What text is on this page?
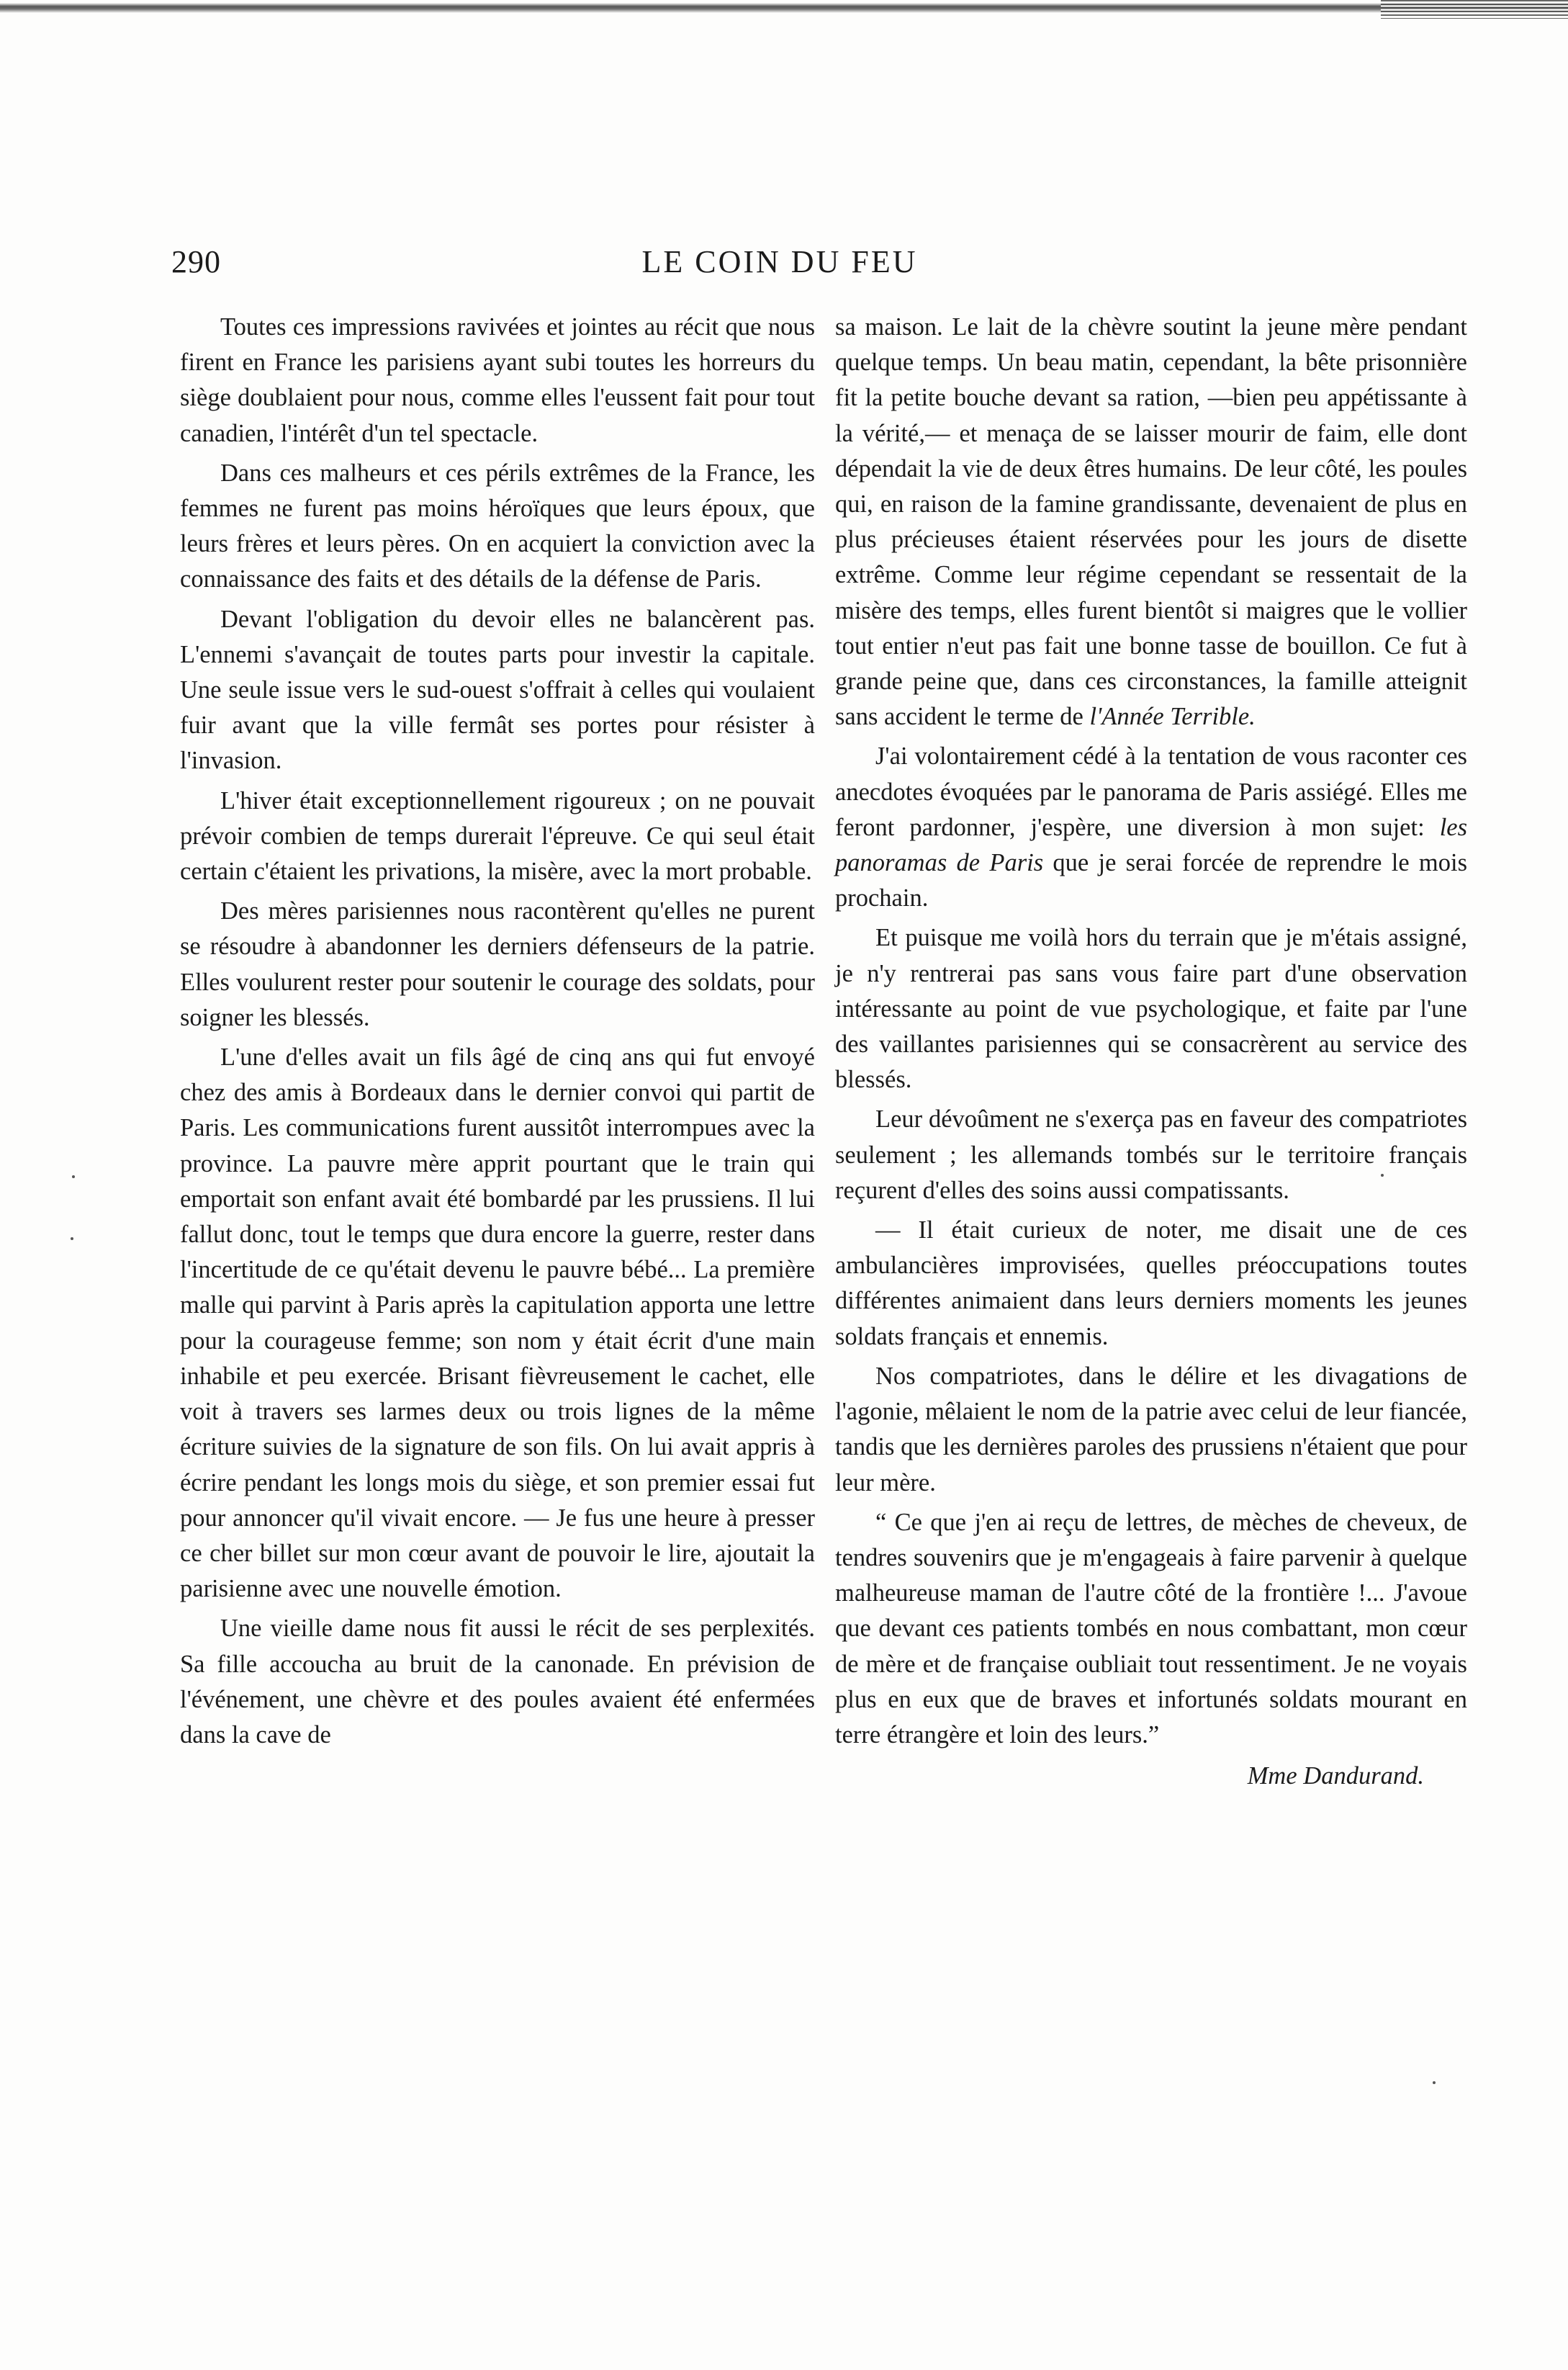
290	LE COIN DU FEU

Toutes ces impressions ravivées et jointes au récit que nous firent en France les parisiens ayant subi toutes les horreurs du siège doublaient pour nous, comme elles l'eussent fait pour tout canadien, l'intérêt d'un tel spectacle.

Dans ces malheurs et ces périls extrêmes de la France, les femmes ne furent pas moins héroïques que leurs époux, que leurs frères et leurs pères. On en acquiert la conviction avec la connaissance des faits et des détails de la défense de Paris.

Devant l'obligation du devoir elles ne balancèrent pas. L'ennemi s'avançait de toutes parts pour investir la capitale. Une seule issue vers le sud-ouest s'offrait à celles qui voulaient fuir avant que la ville fermât ses portes pour résister à l'invasion.

L'hiver était exceptionnellement rigoureux ; on ne pouvait prévoir combien de temps durerait l'épreuve. Ce qui seul était certain c'étaient les privations, la misère, avec la mort probable.

Des mères parisiennes nous racontèrent qu'elles ne purent se résoudre à abandonner les derniers défenseurs de la patrie. Elles voulurent rester pour soutenir le courage des soldats, pour soigner les blessés.

L'une d'elles avait un fils âgé de cinq ans qui fut envoyé chez des amis à Bordeaux dans le dernier convoi qui partit de Paris. Les communications furent aussitôt interrompues avec la province. La pauvre mère apprit pourtant que le train qui emportait son enfant avait été bombardé par les prussiens. Il lui fallut donc, tout le temps que dura encore la guerre, rester dans l'incertitude de ce qu'était devenu le pauvre bébé... La première malle qui parvint à Paris après la capitulation apporta une lettre pour la courageuse femme; son nom y était écrit d'une main inhabile et peu exercée. Brisant fièvreusement le cachet, elle voit à travers ses larmes deux ou trois lignes de la même écriture suivies de la signature de son fils. On lui avait appris à écrire pendant les longs mois du siège, et son premier essai fut pour annoncer qu'il vivait encore. — Je fus une heure à presser ce cher billet sur mon cœur avant de pouvoir le lire, ajoutait la parisienne avec une nouvelle émotion.

Une vieille dame nous fit aussi le récit de ses perplexités. Sa fille accoucha au bruit de la canonade. En prévision de l'événement, une chèvre et des poules avaient été enfermées dans la cave de

sa maison. Le lait de la chèvre soutint la jeune mère pendant quelque temps. Un beau matin, cependant, la bête prisonnière fit la petite bouche devant sa ration, —bien peu appétissante à la vérité,— et menaça de se laisser mourir de faim, elle dont dépendait la vie de deux êtres humains. De leur côté, les poules qui, en raison de la famine grandissante, devenaient de plus en plus précieuses étaient réservées pour les jours de disette extrême. Comme leur régime cependant se ressentait de la misère des temps, elles furent bientôt si maigres que le vollier tout entier n'eut pas fait une bonne tasse de bouillon. Ce fut à grande peine que, dans ces circonstances, la famille atteignit sans accident le terme de l'Année Terrible.

J'ai volontairement cédé à la tentation de vous raconter ces anecdotes évoquées par le panorama de Paris assiégé. Elles me feront pardonner, j'espère, une diversion à mon sujet: les panoramas de Paris que je serai forcée de reprendre le mois prochain.

Et puisque me voilà hors du terrain que je m'étais assigné, je n'y rentrerai pas sans vous faire part d'une observation intéressante au point de vue psychologique, et faite par l'une des vaillantes parisiennes qui se consacrèrent au service des blessés.

Leur dévoûment ne s'exerça pas en faveur des compatriotes seulement ; les allemands tombés sur le territoire français reçurent d'elles des soins aussi compatissants.

— Il était curieux de noter, me disait une de ces ambulancières improvisées, quelles préoccupations toutes différentes animaient dans leurs derniers moments les jeunes soldats français et ennemis.

Nos compatriotes, dans le délire et les divagations de l'agonie, mêlaient le nom de la patrie avec celui de leur fiancée, tandis que les dernières paroles des prussiens n'étaient que pour leur mère.

“ Ce que j'en ai reçu de lettres, de mèches de cheveux, de tendres souvenirs que je m'engageais à faire parvenir à quelque malheureuse maman de l'autre côté de la frontière !... J'avoue que devant ces patients tombés en nous combattant, mon cœur de mère et de française oubliait tout ressentiment. Je ne voyais plus en eux que de braves et infortunés soldats mourant en terre étrangère et loin des leurs.”

Mme Dandurand.
